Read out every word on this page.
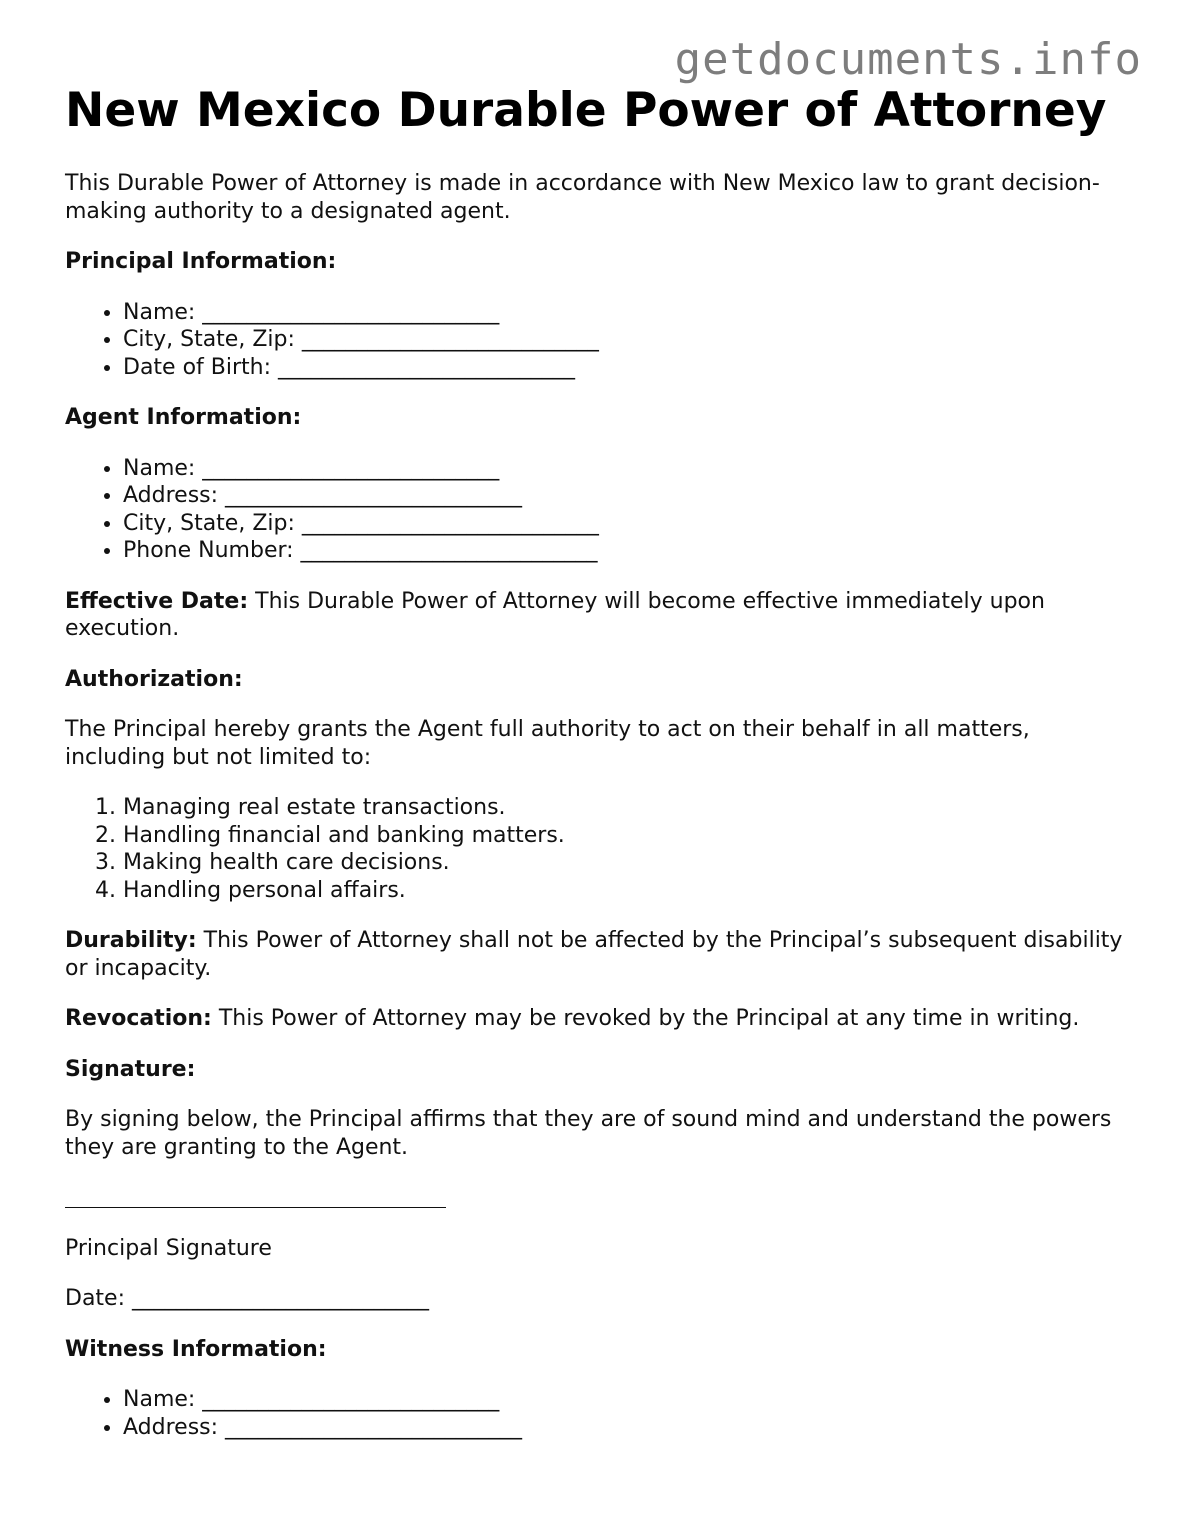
getdocuments.info
New Mexico Durable Power of Attorney

This Durable Power of Attorney is made in accordance with New Mexico law to grant decision-making authority to a designated agent.

Principal Information:

• Name: ___________________________
• City, State, Zip: ___________________________
• Date of Birth: ___________________________

Agent Information:

• Name: ___________________________
• Address: ___________________________
• City, State, Zip: ___________________________
• Phone Number: ___________________________

Effective Date: This Durable Power of Attorney will become effective immediately upon execution.

Authorization:

The Principal hereby grants the Agent full authority to act on their behalf in all matters, including but not limited to:

1. Managing real estate transactions.
2. Handling financial and banking matters.
3. Making health care decisions.
4. Handling personal affairs.

Durability: This Power of Attorney shall not be affected by the Principal’s subsequent disability or incapacity.

Revocation: This Power of Attorney may be revoked by the Principal at any time in writing.

Signature:

By signing below, the Principal affirms that they are of sound mind and understand the powers they are granting to the Agent.

Principal Signature

Date: ___________________________

Witness Information:

• Name: ___________________________
• Address: ___________________________
